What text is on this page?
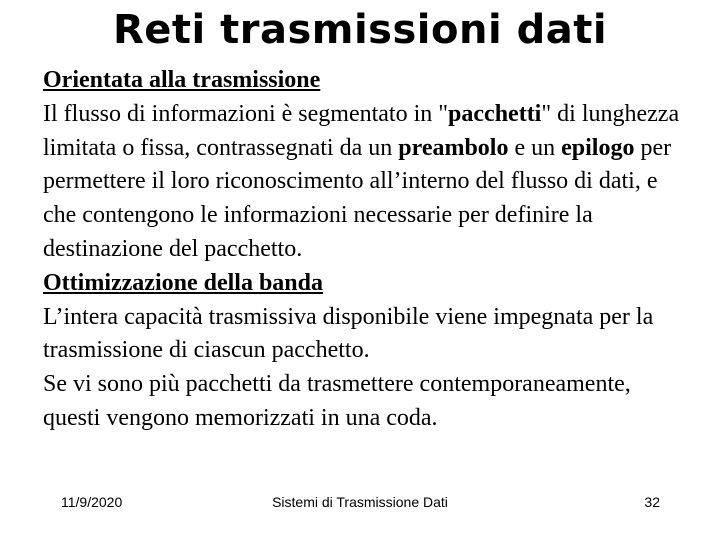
Reti trasmissioni dati

Orientata alla trasmissione

Il flusso di informazioni è segmentato in "pacchetti" di lunghezza limitata o fissa, contrassegnati da un preambolo e un epilogo per permettere il loro riconoscimento all’interno del flusso di dati, e che contengono le informazioni necessarie per definire la destinazione del pacchetto.

Ottimizzazione della banda

L’intera capacità trasmissiva disponibile viene impegnata per la trasmissione di ciascun pacchetto.

Se vi sono più pacchetti da trasmettere contemporaneamente, questi vengono memorizzati in una coda.

11/9/2020	Sistemi di Trasmissione Dati	32
